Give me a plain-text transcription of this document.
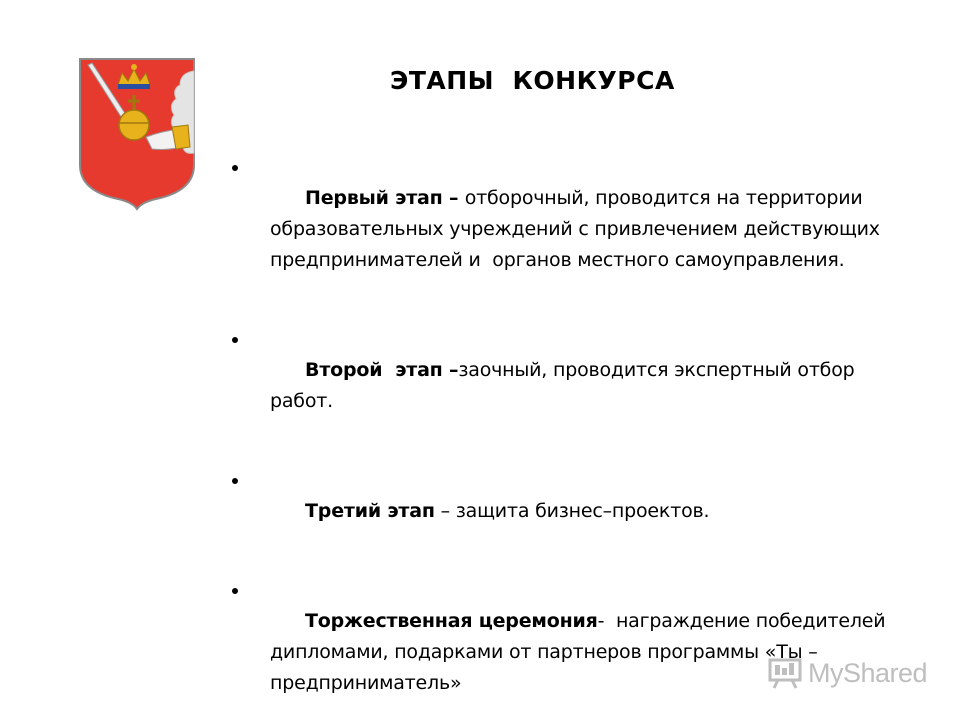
ЭТАПЫ  КОНКУРСА

Первый этап – отборочный, проводится на территории образовательных учреждений с привлечением действующих предпринимателей и  органов местного самоуправления.

Второй  этап –заочный, проводится экспертный отбор работ.

Третий этап – защита бизнес–проектов.

Торжественная церемония-  награждение победителей дипломами, подарками от партнеров программы «Ты –предприниматель»
	MyShared
